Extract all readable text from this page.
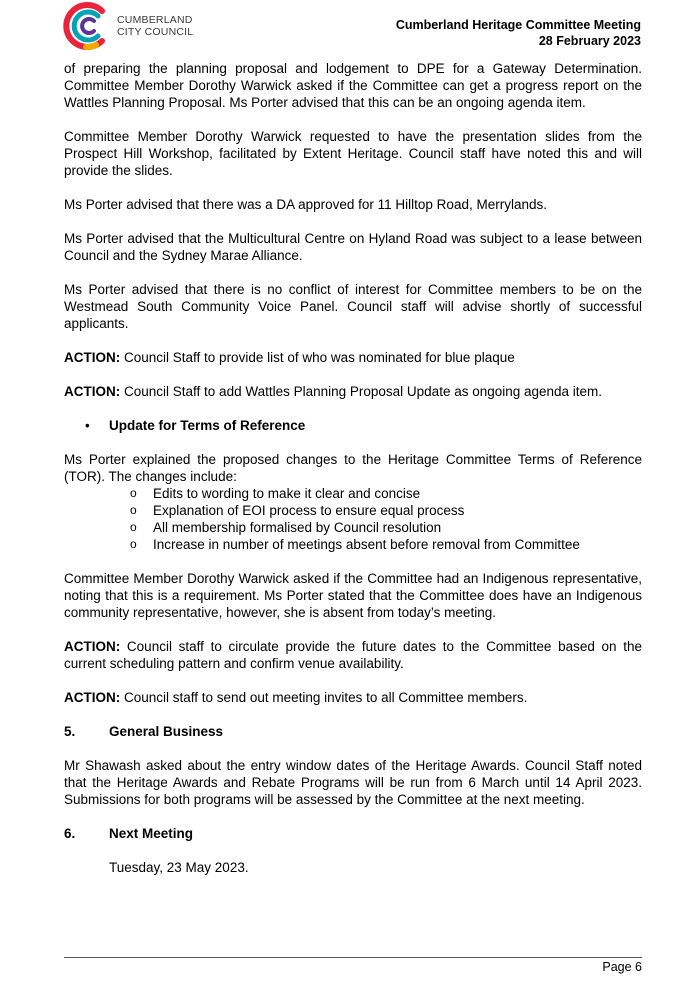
CUMBERLAND
CITY COUNCIL	Cumberland Heritage Committee Meeting
28 February 2023

of preparing the planning proposal and lodgement to DPE for a Gateway Determination. Committee Member Dorothy Warwick asked if the Committee can get a progress report on the Wattles Planning Proposal. Ms Porter advised that this can be an ongoing agenda item.

Committee Member Dorothy Warwick requested to have the presentation slides from the Prospect Hill Workshop, facilitated by Extent Heritage. Council staff have noted this and will provide the slides.

Ms Porter advised that there was a DA approved for 11 Hilltop Road, Merrylands.

Ms Porter advised that the Multicultural Centre on Hyland Road was subject to a lease between Council and the Sydney Marae Alliance.

Ms Porter advised that there is no conflict of interest for Committee members to be on the Westmead South Community Voice Panel. Council staff will advise shortly of successful applicants.

ACTION: Council Staff to provide list of who was nominated for blue plaque

ACTION: Council Staff to add Wattles Planning Proposal Update as ongoing agenda item.

• Update for Terms of Reference

Ms Porter explained the proposed changes to the Heritage Committee Terms of Reference (TOR). The changes include:

o Edits to wording to make it clear and concise
o Explanation of EOI process to ensure equal process
o All membership formalised by Council resolution
o Increase in number of meetings absent before removal from Committee

Committee Member Dorothy Warwick asked if the Committee had an Indigenous representative, noting that this is a requirement. Ms Porter stated that the Committee does have an Indigenous community representative, however, she is absent from today’s meeting.

ACTION: Council staff to circulate provide the future dates to the Committee based on the current scheduling pattern and confirm venue availability.

ACTION: Council staff to send out meeting invites to all Committee members.

5. General Business

Mr Shawash asked about the entry window dates of the Heritage Awards. Council Staff noted that the Heritage Awards and Rebate Programs will be run from 6 March until 14 April 2023. Submissions for both programs will be assessed by the Committee at the next meeting.

6. Next Meeting

Tuesday, 23 May 2023.

Page 6
